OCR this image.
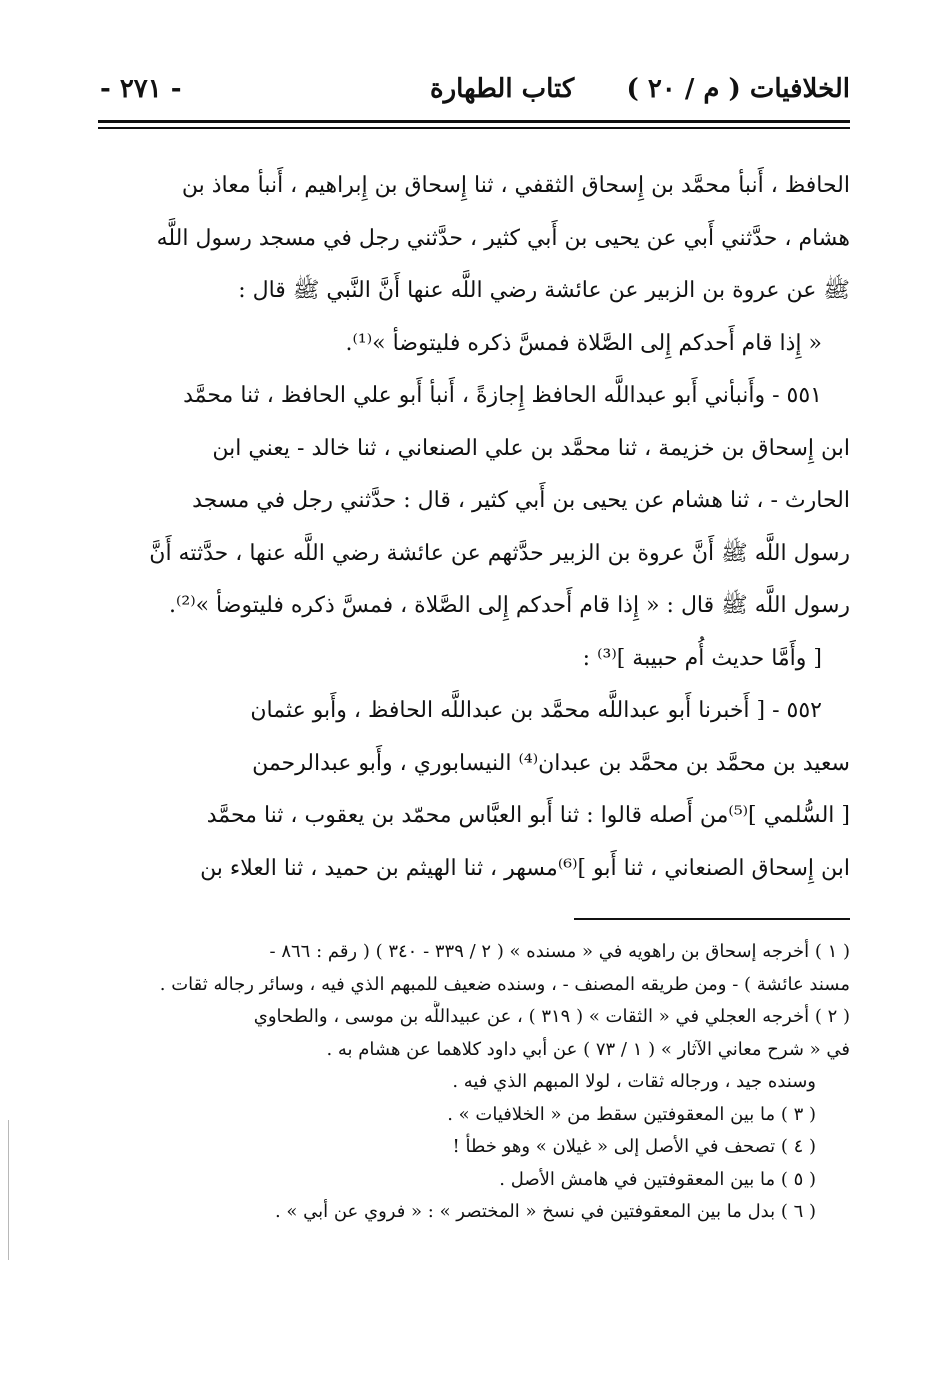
الخلافيات ( م / ٢٠ )
كتاب الطهارة
- ٢٧١ -
الحافظ ، أَنبأ محمَّد بن إِسحاق الثقفي ، ثنا إِسحاق بن إِبراهيم ، أَنبأ معاذ بن
هشام ، حدَّثني أَبي عن يحيى بن أَبي كثير ، حدَّثني رجل في مسجد رسول اللَّه
ﷺ عن عروة بن الزبير عن عائشة رضي اللَّه عنها أَنَّ النَّبي ﷺ قال :
« إِذا قام أَحدكم إِلى الصَّلاة فمسَّ ذكره فليتوضأ »⁽¹⁾.
٥٥١ - وأَنبأني أَبو عبداللَّه الحافظ إِجازةً ، أَنبأ أَبو علي الحافظ ، ثنا محمَّد
ابن إِسحاق بن خزيمة ، ثنا محمَّد بن علي الصنعاني ، ثنا خالد - يعني ابن
الحارث - ، ثنا هشام عن يحيى بن أَبي كثير ، قال : حدَّثني رجل في مسجد
رسول اللَّه ﷺ أَنَّ عروة بن الزبير حدَّثهم عن عائشة رضي اللَّه عنها ، حدَّثته أَنَّ
رسول اللَّه ﷺ قال : « إِذا قام أَحدكم إِلى الصَّلاة ، فمسَّ ذكره فليتوضأ »⁽²⁾.
[ وأَمَّا حديث أُم حبيبة ]⁽³⁾ :
٥٥٢ - [ أَخبرنا أَبو عبداللَّه محمَّد بن عبداللَّه الحافظ ، وأَبو عثمان
سعيد بن محمَّد بن محمَّد بن عبدان⁽⁴⁾ النيسابوري ، وأَبو عبدالرحمن
[ السُّلمي ]⁽⁵⁾من أَصله قالوا : ثنا أَبو العبَّاس محمّد بن يعقوب ، ثنا محمَّد
ابن إِسحاق الصنعاني ، ثنا أَبو ]⁽⁶⁾مسهر ، ثنا الهيثم بن حميد ، ثنا العلاء بن
( ١ ) أخرجه إسحاق بن راهويه في « مسنده » ( ٢ / ٣٣٩ - ٣٤٠ ) ( رقم : ٨٦٦ -
مسند عائشة ) - ومن طريقه المصنف - ، وسنده ضعيف للمبهم الذي فيه ، وسائر رجاله ثقات .
( ٢ ) أخرجه العجلي في « الثقات » ( ٣١٩ ) ، عن عبيداللَّه بن موسى ، والطحاوي
في « شرح معاني الآثار » ( ١ / ٧٣ ) عن أبي داود كلاهما عن هشام به .
وسنده جيد ، ورجاله ثقات ، لولا المبهم الذي فيه .
( ٣ ) ما بين المعقوفتين سقط من « الخلافيات » .
( ٤ ) تصحف في الأصل إلى « غيلان » وهو خطأ !
( ٥ ) ما بين المعقوفتين في هامش الأصل .
( ٦ ) بدل ما بين المعقوفتين في نسخ « المختصر » : « فروي عن أبي » .
